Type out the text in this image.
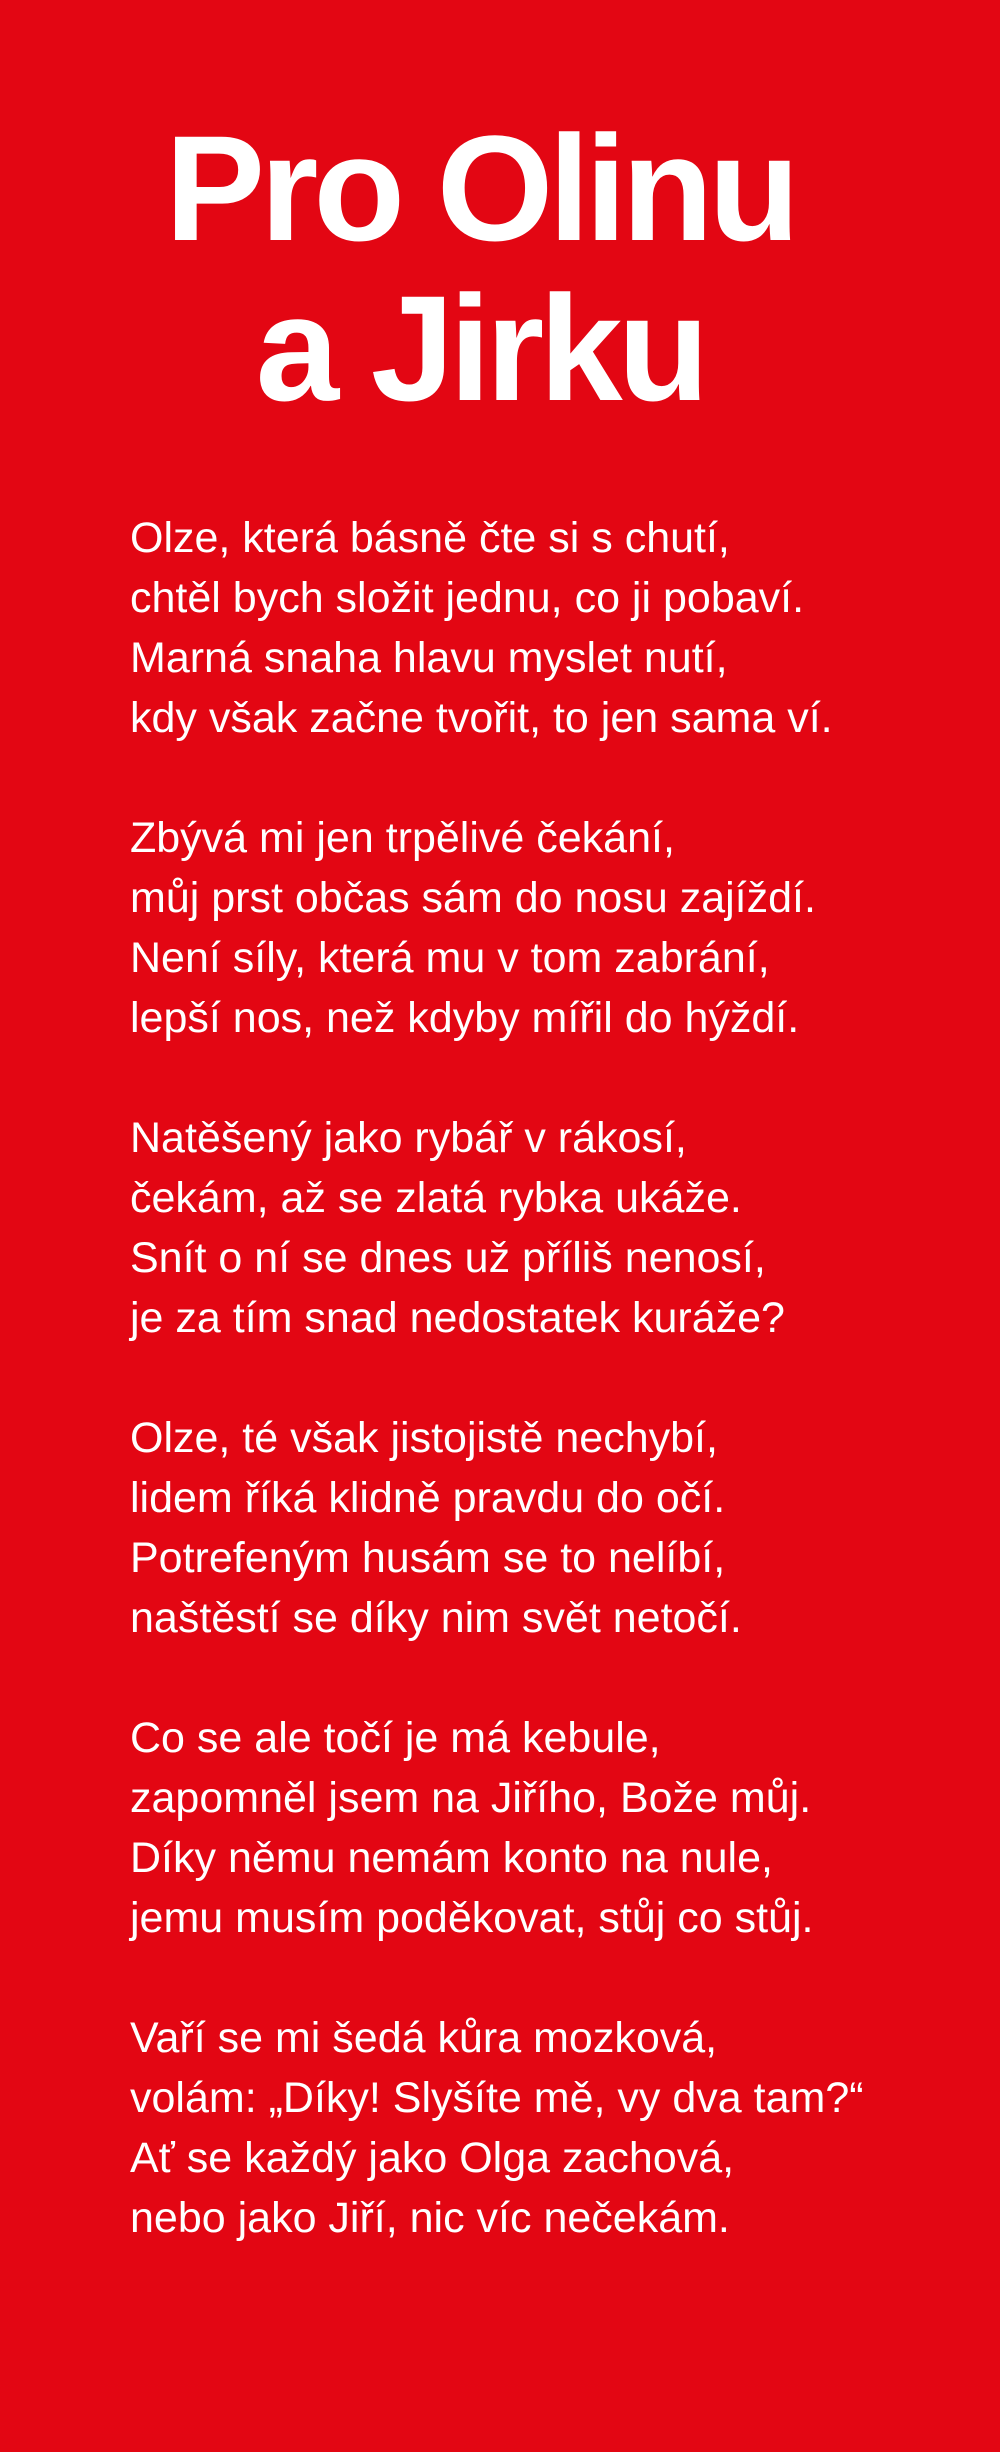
Pro Olinu
a Jirku
Olze, která básně čte si s chutí,
chtěl bych složit jednu, co ji pobaví.
Marná snaha hlavu myslet nutí,
kdy však začne tvořit, to jen sama ví.
Zbývá mi jen trpělivé čekání,
můj prst občas sám do nosu zajíždí.
Není síly, která mu v tom zabrání,
lepší nos, než kdyby mířil do hýždí.
Natěšený jako rybář v rákosí,
čekám, až se zlatá rybka ukáže.
Snít o ní se dnes už příliš nenosí,
je za tím snad nedostatek kuráže?
Olze, té však jistojistě nechybí,
lidem říká klidně pravdu do očí.
Potrefeným husám se to nelíbí,
naštěstí se díky nim svět netočí.
Co se ale točí je má kebule,
zapomněl jsem na Jiřího, Bože můj.
Díky němu nemám konto na nule,
jemu musím poděkovat, stůj co stůj.
Vaří se mi šedá kůra mozková,
volám: „Díky! Slyšíte mě, vy dva tam?“
Ať se každý jako Olga zachová,
nebo jako Jiří, nic víc nečekám.
